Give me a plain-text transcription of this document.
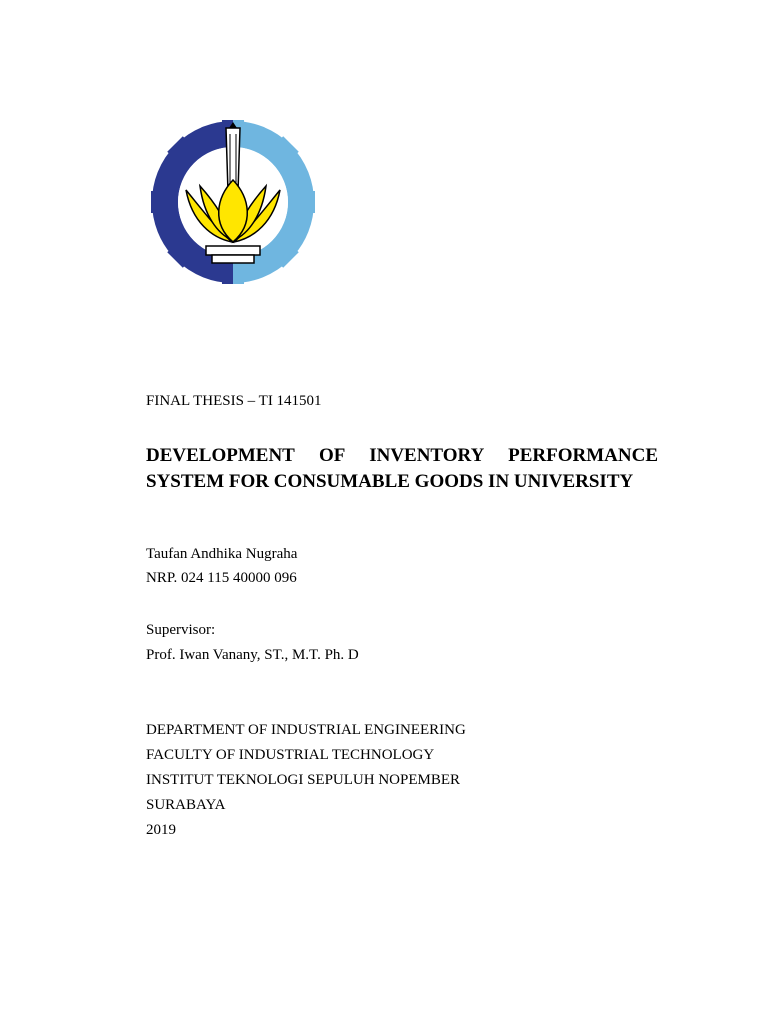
FINAL THESIS – TI 141501

DEVELOPMENT OF INVENTORY PERFORMANCE SYSTEM FOR CONSUMABLE GOODS IN UNIVERSITY

Taufan Andhika Nugraha

NRP. 024 115 40000 096

Supervisor:

Prof. Iwan Vanany, ST., M.T. Ph. D

DEPARTMENT OF INDUSTRIAL ENGINEERING

FACULTY OF INDUSTRIAL TECHNOLOGY

INSTITUT TEKNOLOGI SEPULUH NOPEMBER

SURABAYA

2019
